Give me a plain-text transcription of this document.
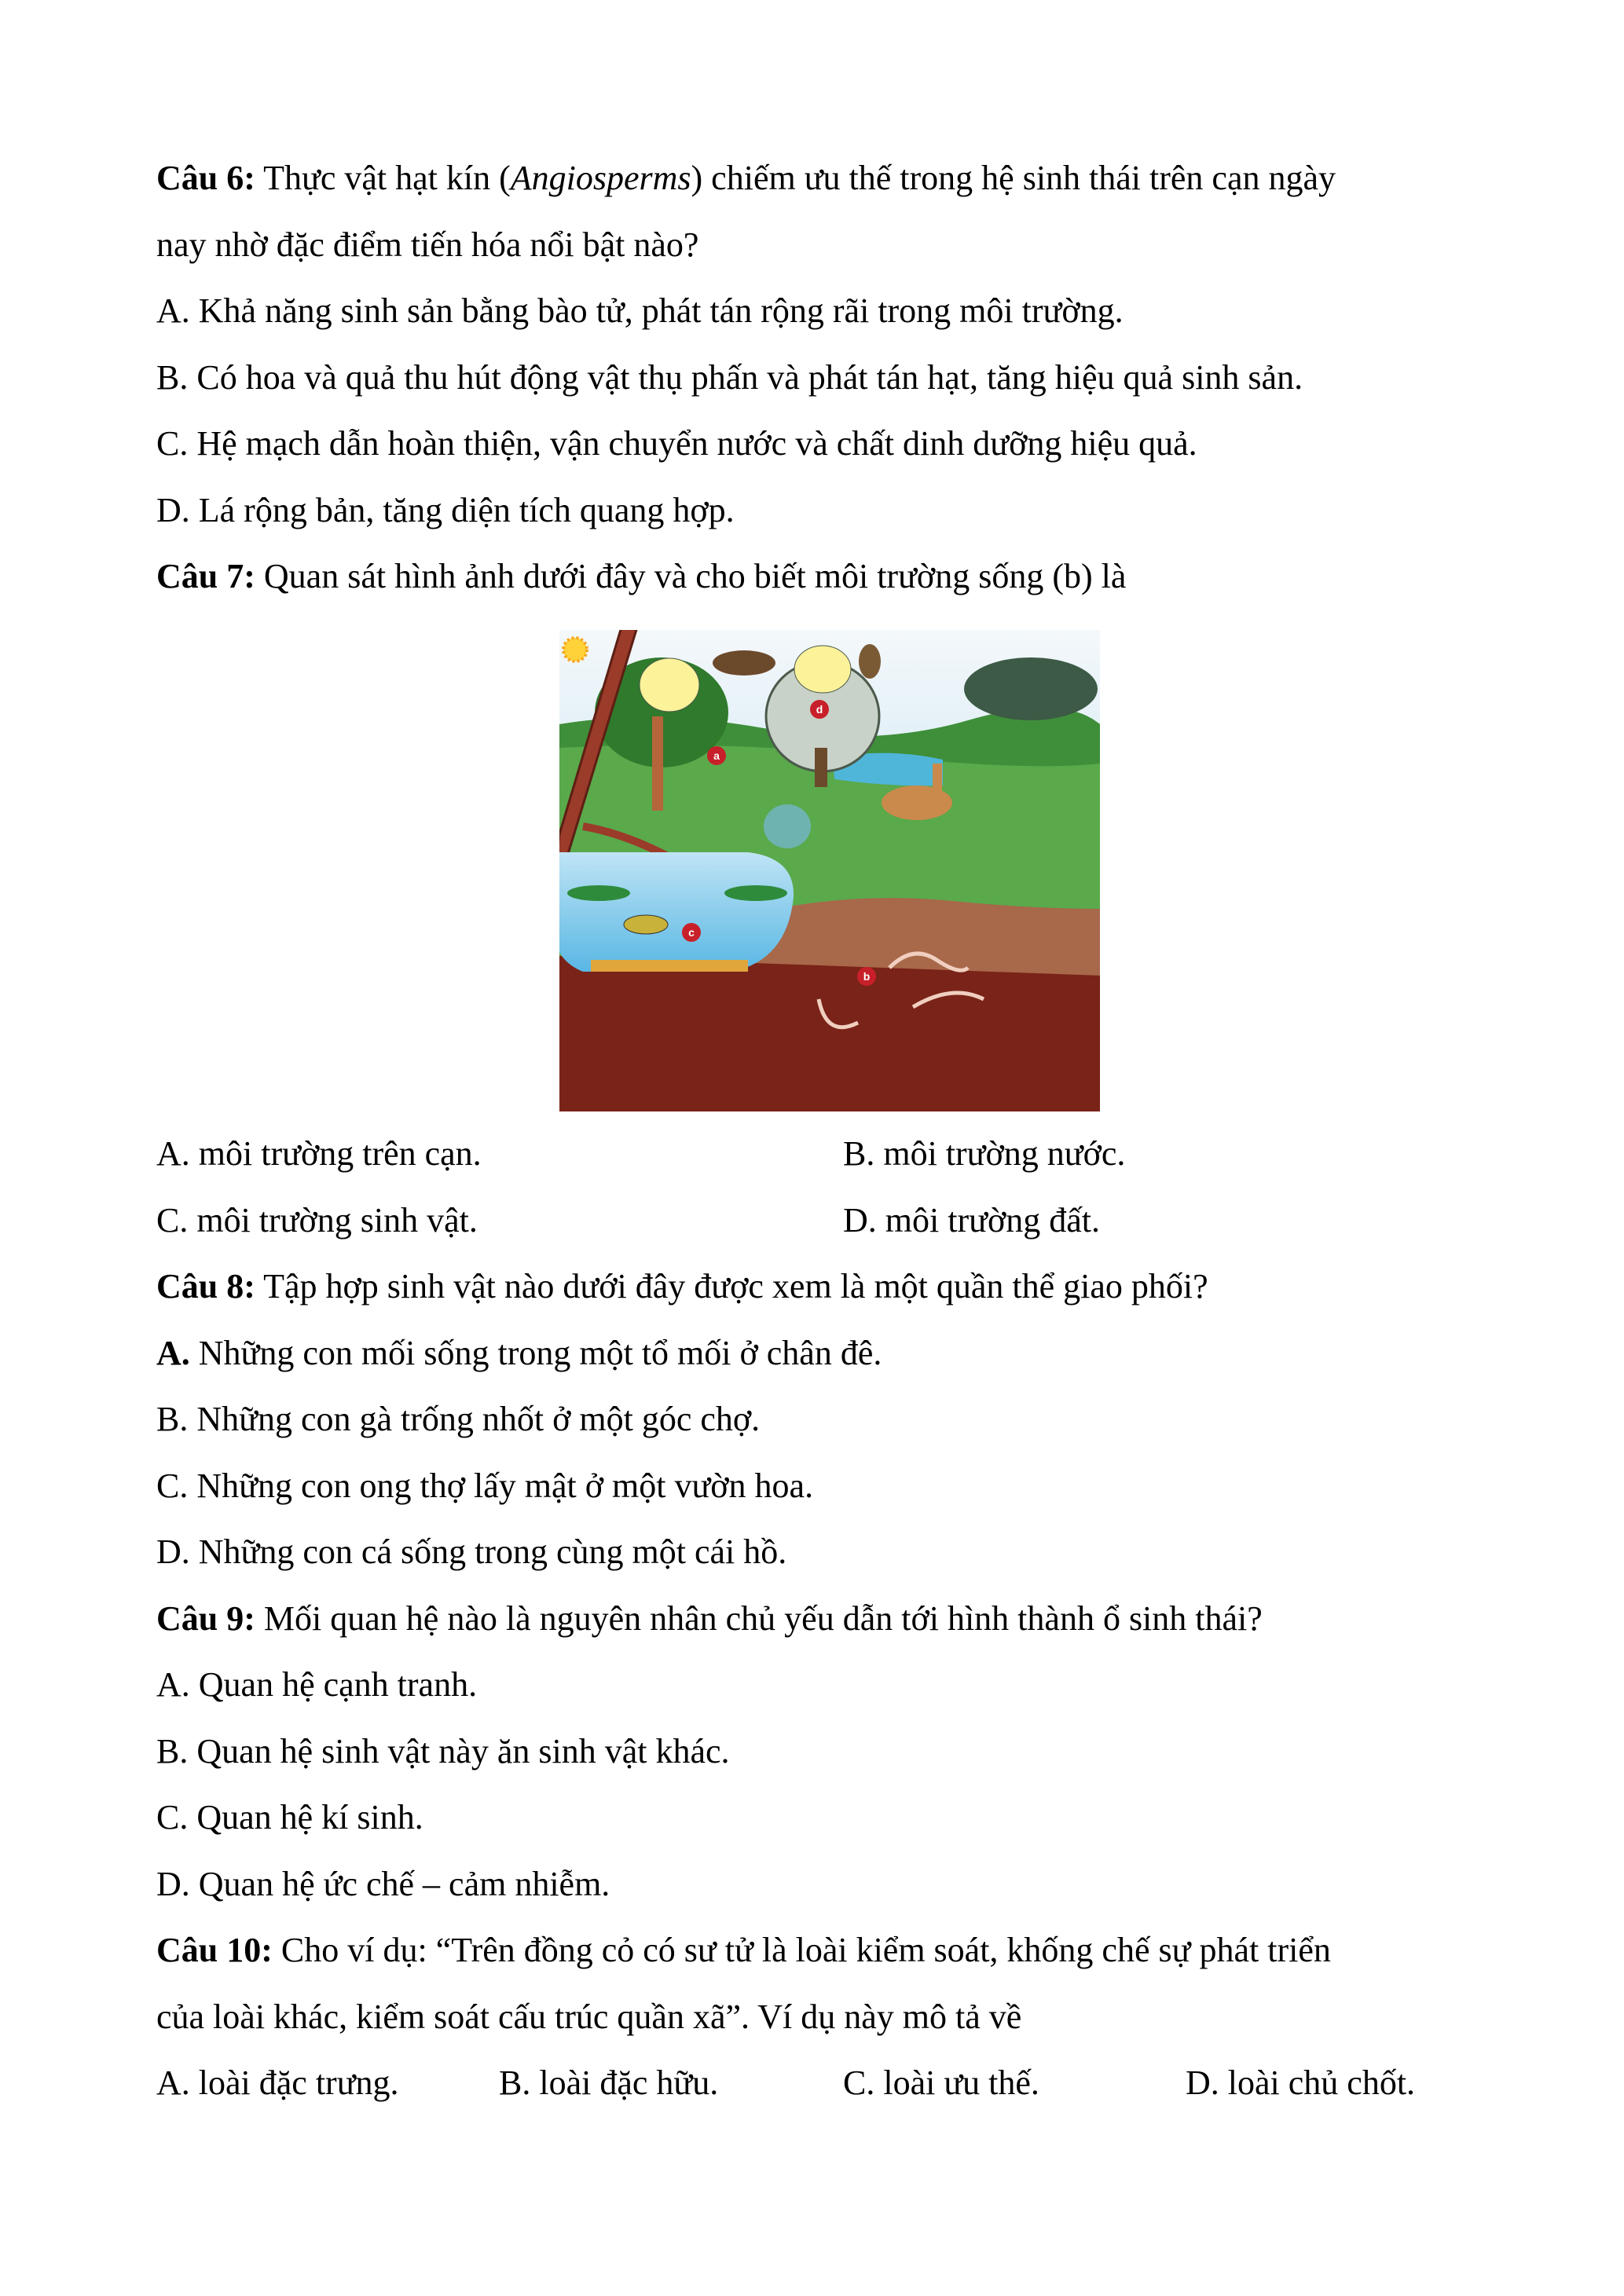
Câu 6: Thực vật hạt kín (Angiosperms) chiếm ưu thế trong hệ sinh thái trên cạn ngày
nay nhờ đặc điểm tiến hóa nổi bật nào?
A. Khả năng sinh sản bằng bào tử, phát tán rộng rãi trong môi trường.
B. Có hoa và quả thu hút động vật thụ phấn và phát tán hạt, tăng hiệu quả sinh sản.
C. Hệ mạch dẫn hoàn thiện, vận chuyển nước và chất dinh dưỡng hiệu quả.
D. Lá rộng bản, tăng diện tích quang hợp.
Câu 7: Quan sát hình ảnh dưới đây và cho biết môi trường sống (b) là
a
d
c
b
A. môi trường trên cạn.	B. môi trường nước.
C. môi trường sinh vật.	D. môi trường đất.
Câu 8: Tập hợp sinh vật nào dưới đây được xem là một quần thể giao phối?
A. Những con mối sống trong một tổ mối ở chân đê.
B. Những con gà trống nhốt ở một góc chợ.
C. Những con ong thợ lấy mật ở một vườn hoa.
D. Những con cá sống trong cùng một cái hồ.
Câu 9: Mối quan hệ nào là nguyên nhân chủ yếu dẫn tới hình thành ổ sinh thái?
A. Quan hệ cạnh tranh.
B. Quan hệ sinh vật này ăn sinh vật khác.
C. Quan hệ kí sinh.
D. Quan hệ ức chế – cảm nhiễm.
Câu 10: Cho ví dụ: “Trên đồng cỏ có sư tử là loài kiểm soát, khống chế sự phát triển
của loài khác, kiểm soát cấu trúc quần xã”. Ví dụ này mô tả về
A. loài đặc trưng.	B. loài đặc hữu.	C. loài ưu thế.	D. loài chủ chốt.
